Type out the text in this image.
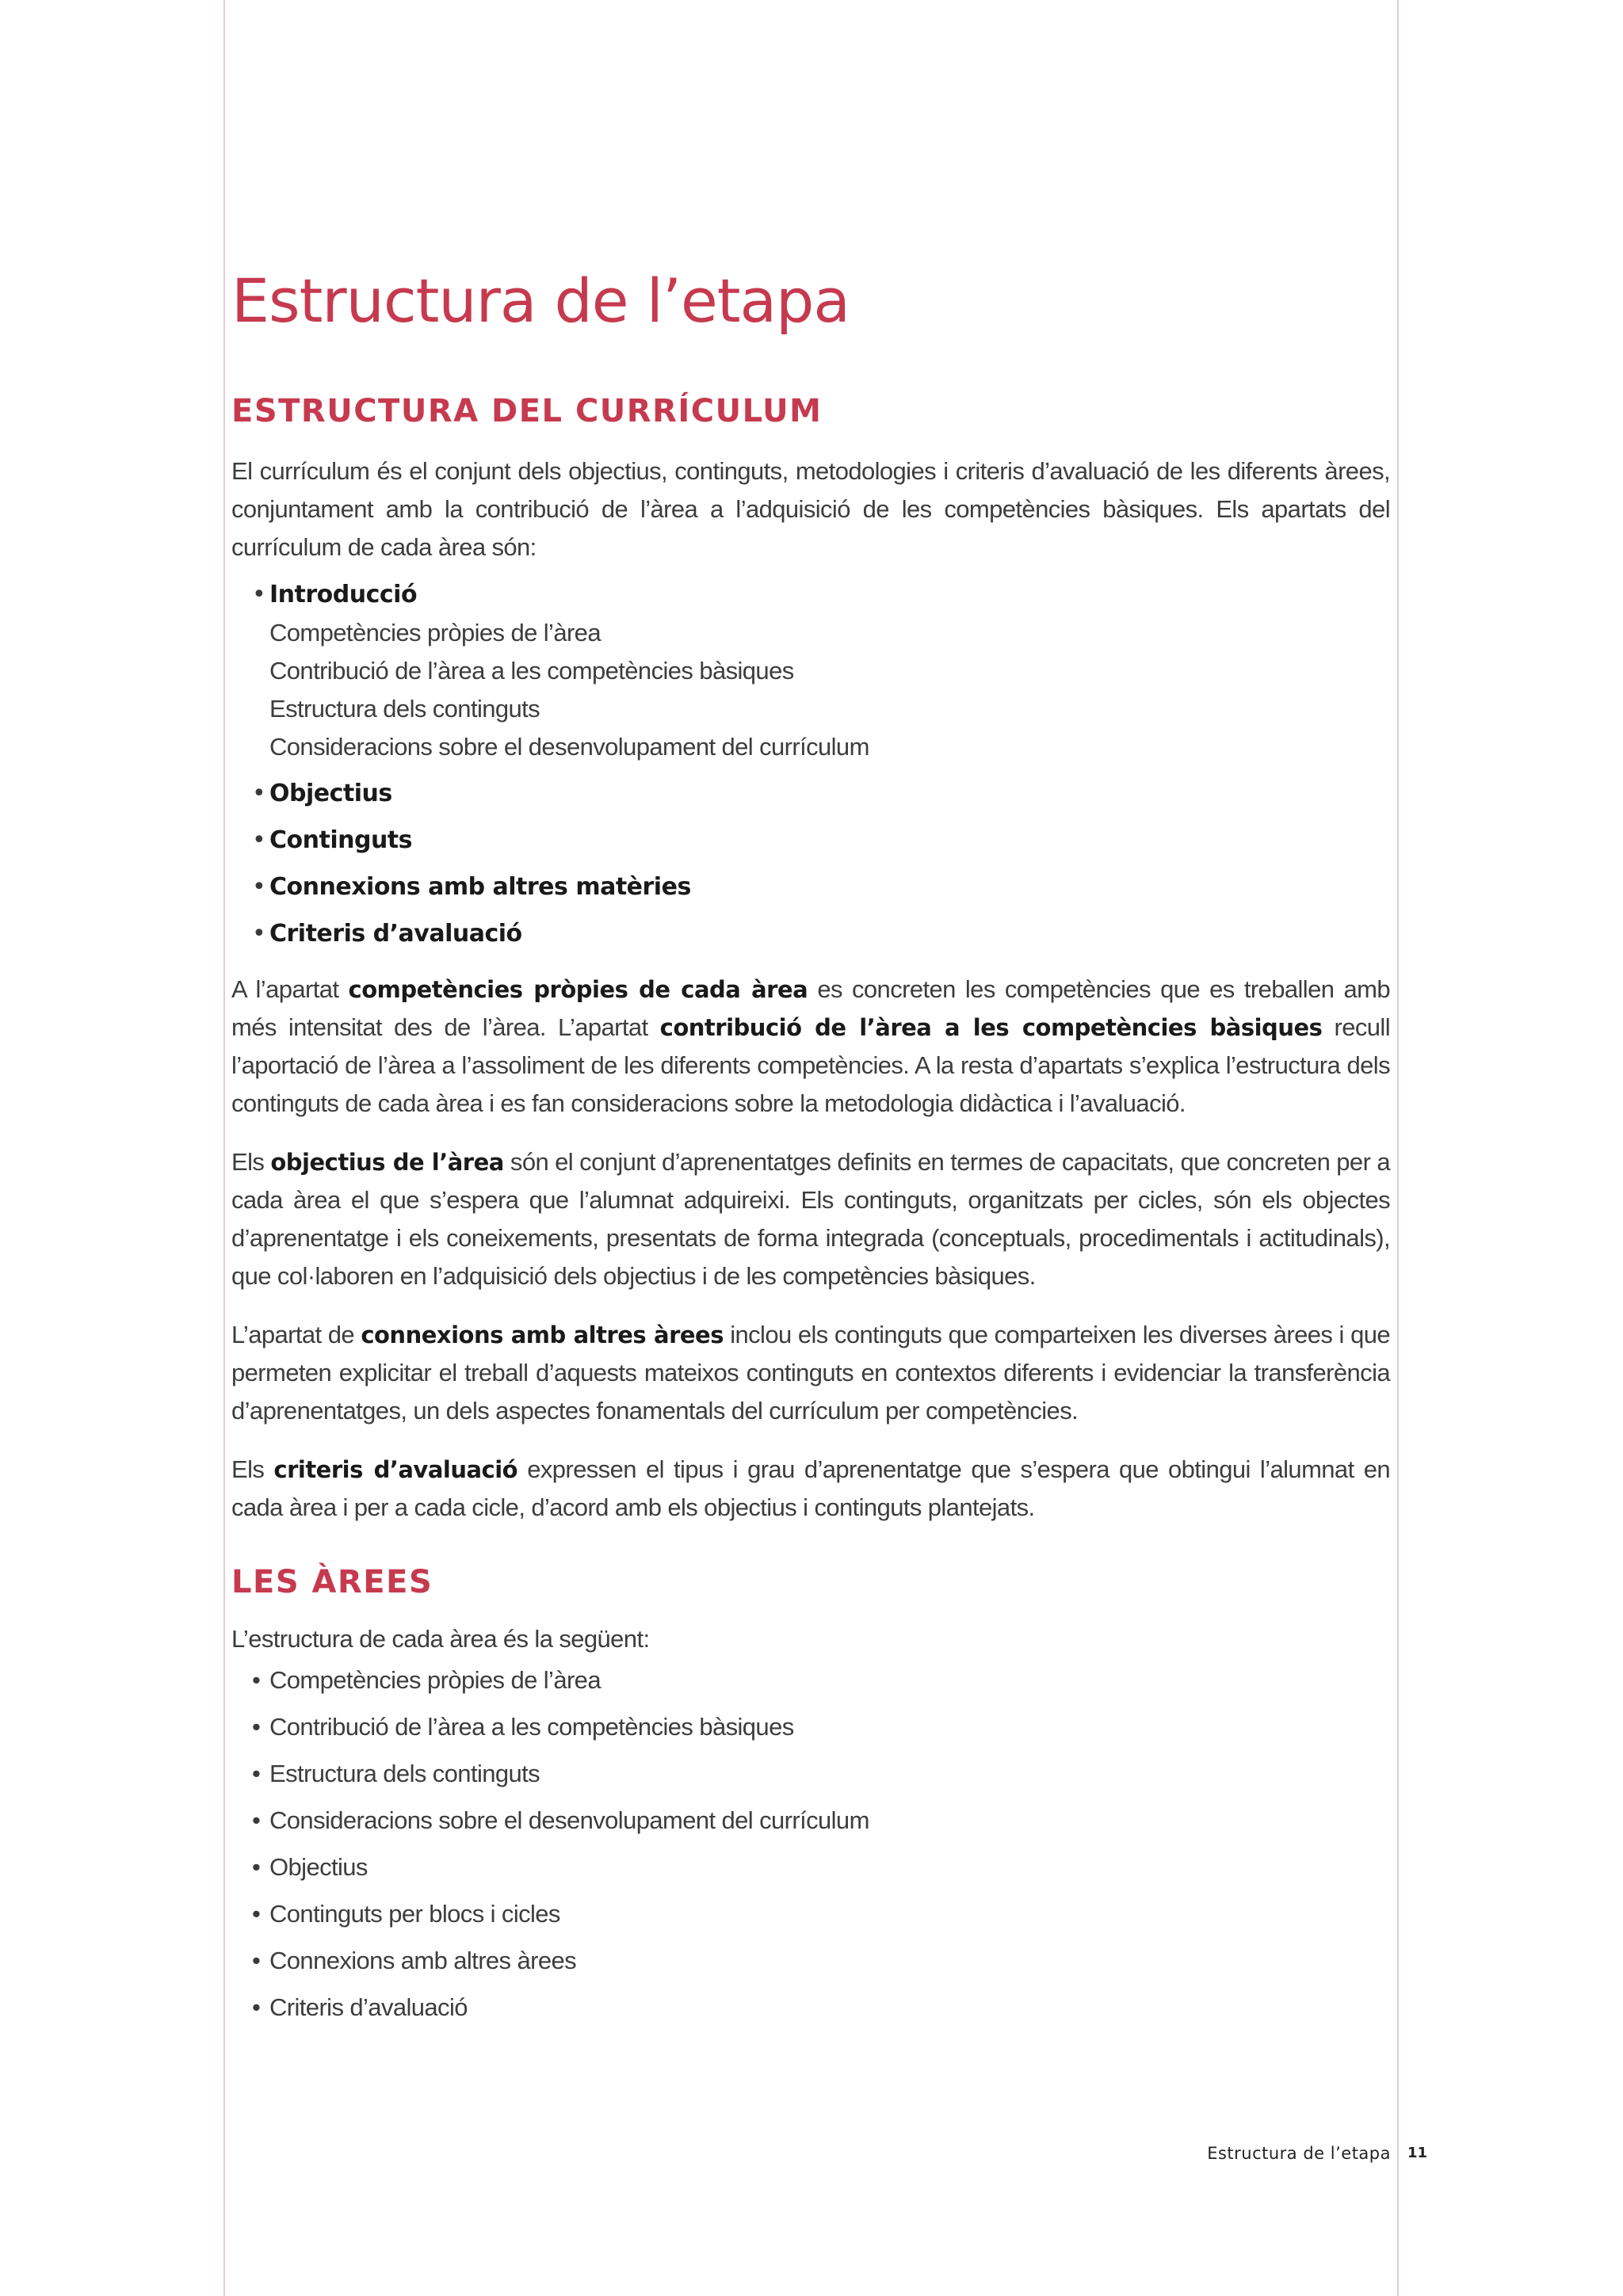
Estructura de l’etapa
ESTRUCTURA DEL CURRÍCULUM

El currículum és el conjunt dels objectius, continguts, metodologies i criteris d’avaluació de les diferents àrees, conjuntament amb la contribució de l’àrea a l’adquisició de les competències bàsiques. Els apartats del currículum de cada àrea són:

• Introducció
Competències pròpies de l’àrea
Contribució de l’àrea a les competències bàsiques
Estructura dels continguts
Consideracions sobre el desenvolupament del currículum
• Objectius
• Continguts
• Connexions amb altres matèries
• Criteris d’avaluació

A l’apartat competències pròpies de cada àrea es concreten les competències que es treballen amb més intensitat des de l’àrea. L’apartat contribució de l’àrea a les competències bàsiques recull l’aportació de l’àrea a l’assoliment de les diferents competències. A la resta d’apartats s’explica l’estructura dels continguts de cada àrea i es fan consideracions sobre la metodologia didàctica i l’avaluació.

Els objectius de l’àrea són el conjunt d’aprenentatges definits en termes de capacitats, que concreten per a cada àrea el que s’espera que l’alumnat adquireixi. Els continguts, organitzats per cicles, són els objectes d’aprenentatge i els coneixements, presentats de forma integrada (conceptuals, procedimentals i actitudinals), que col·laboren en l’adquisició dels objectius i de les competències bàsiques.

L’apartat de connexions amb altres àrees inclou els continguts que comparteixen les diverses àrees i que permeten explicitar el treball d’aquests mateixos continguts en contextos diferents i evidenciar la transferència d’aprenentatges, un dels aspectes fonamentals del currículum per competències.

Els criteris d’avaluació expressen el tipus i grau d’aprenentatge que s’espera que obtingui l’alumnat en cada àrea i per a cada cicle, d’acord amb els objectius i continguts plantejats.

LES ÀREES

L’estructura de cada àrea és la següent:

• Competències pròpies de l’àrea
• Contribució de l’àrea a les competències bàsiques
• Estructura dels continguts
• Consideracions sobre el desenvolupament del currículum
• Objectius
• Continguts per blocs i cicles
• Connexions amb altres àrees
• Criteris d’avaluació
Estructura de l’etapa 11
